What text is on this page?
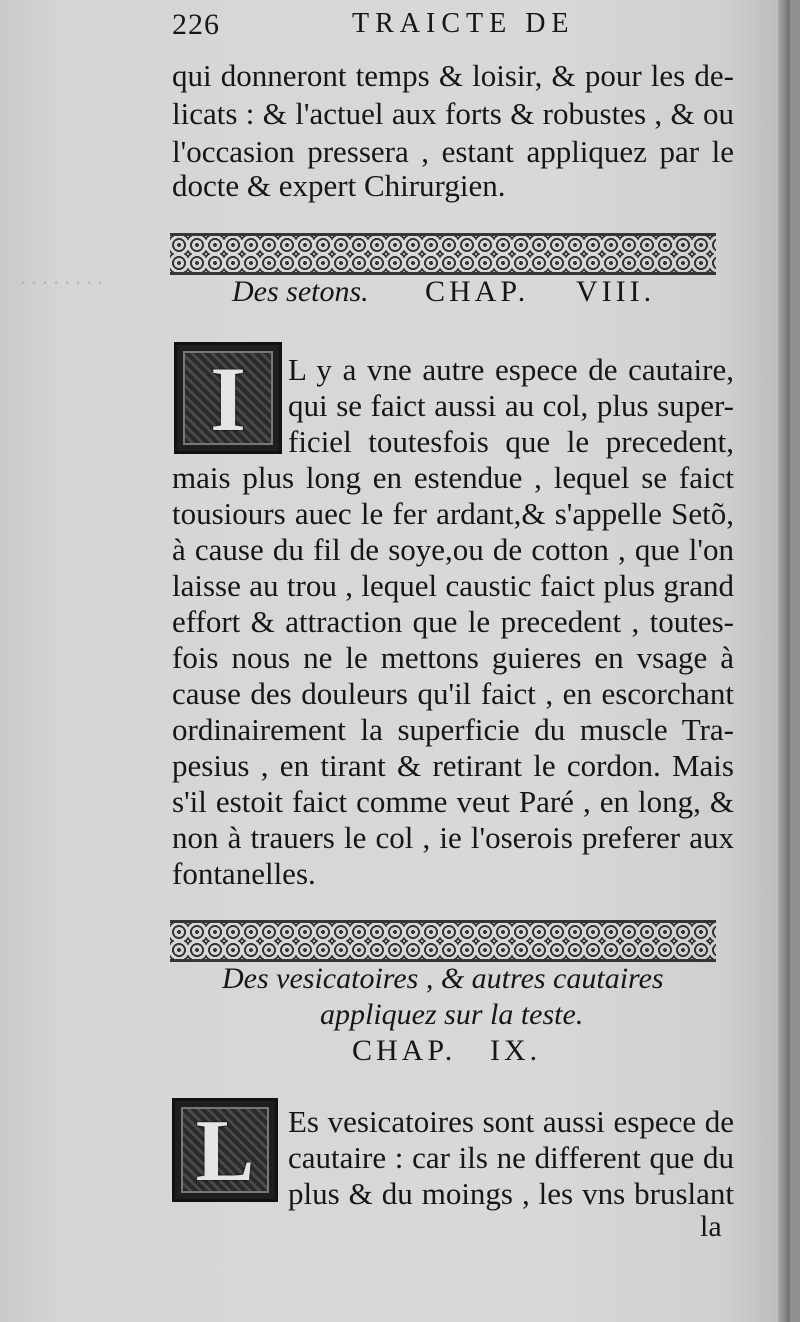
· · · · · · · ·
226	TRAICTE DE
qui donneront temps & loisir, & pour les de-
licats : & l'actuel aux forts & robustes , & ou
l'occasion pressera , estant appliquez par le
docte & expert Chirurgien.
Des setons. CHAP. VIII.
I	L y a vne autre espece de cautaire,
qui se faict aussi au col, plus super-
ficiel toutesfois que le precedent,
mais plus long en estendue , lequel se faict
tousiours auec le fer ardant,& s'appelle Setõ,
à cause du fil de soye,ou de cotton , que l'on
laisse au trou , lequel caustic faict plus grand
effort & attraction que le precedent , toutes-
fois nous ne le mettons guieres en vsage à
cause des douleurs qu'il faict , en escorchant
ordinairement la superficie du muscle Tra-
pesius , en tirant & retirant le cordon. Mais
s'il estoit faict comme veut Paré , en long, &
non à trauers le col , ie l'oserois preferer aux
fontanelles.
Des vesicatoires , & autres cautaires
appliquez sur la teste.
CHAP. IX.
L	Es vesicatoires sont aussi espece de
cautaire : car ils ne different que du
plus & du moings , les vns bruslant
la
